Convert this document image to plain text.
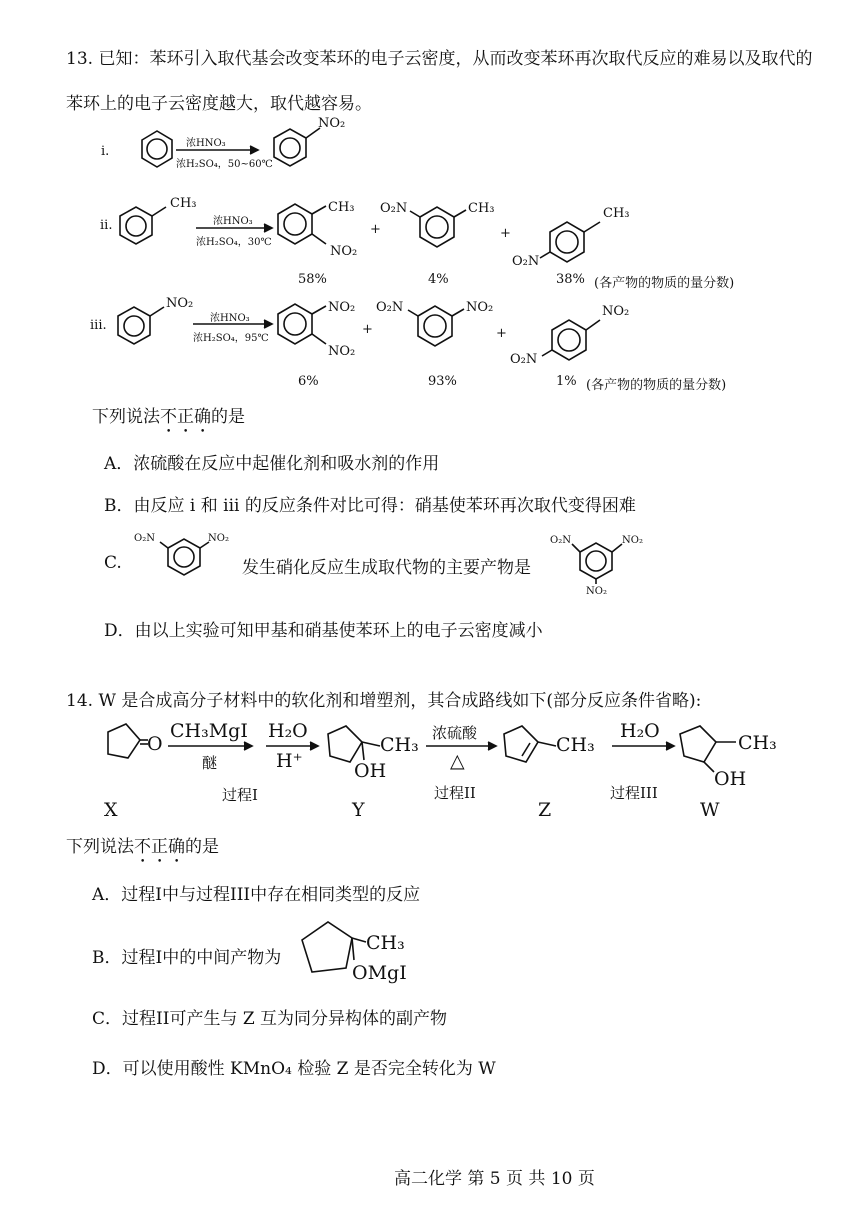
13. 已知：苯环引入取代基会改变苯环的电子云密度，从而改变苯环再次取代反应的难易以及取代的
苯环上的电子云密度越大，取代越容易。
i.
浓HNO₃
浓H₂SO₄，50~60℃
NO₂
ii.
CH₃
浓HNO₃
浓H₂SO₄，30℃
CH₃
NO₂
+
O₂N	CH₃
+
CH₃
O₂N
58%	4%	38% (各产物的物质的量分数)
iii.
NO₂
浓HNO₃
浓H₂SO₄，95℃
NO₂
NO₂
+
O₂N	NO₂
+
NO₂
O₂N
6%	93%	1% (各产物的物质的量分数)
下列说法不正确的是
A．浓硫酸在反应中起催化剂和吸水剂的作用
B．由反应 i 和 iii 的反应条件对比可得：硝基使苯环再次取代变得困难
C.
O₂N	NO₂
发生硝化反应生成取代物的主要产物是
O₂N	NO₂
NO₂
D．由以上实验可知甲基和硝基使苯环上的电子云密度减小
14. W 是合成高分子材料中的软化剂和增塑剂，其合成路线如下(部分反应条件省略):
O
CH₃MgI
醚
H₂O
H⁺
CH₃
OH
浓硫酸
△
CH₃
H₂O
CH₃
OH
过程I	过程II	过程III
X	Y	Z	W
下列说法不正确的是
A．过程I中与过程III中存在相同类型的反应
B．过程I中的中间产物为
CH₃
OMgI
C．过程II可产生与 Z 互为同分异构体的副产物
D．可以使用酸性 KMnO₄ 检验 Z 是否完全转化为 W
高二化学 第 5 页 共 10 页
